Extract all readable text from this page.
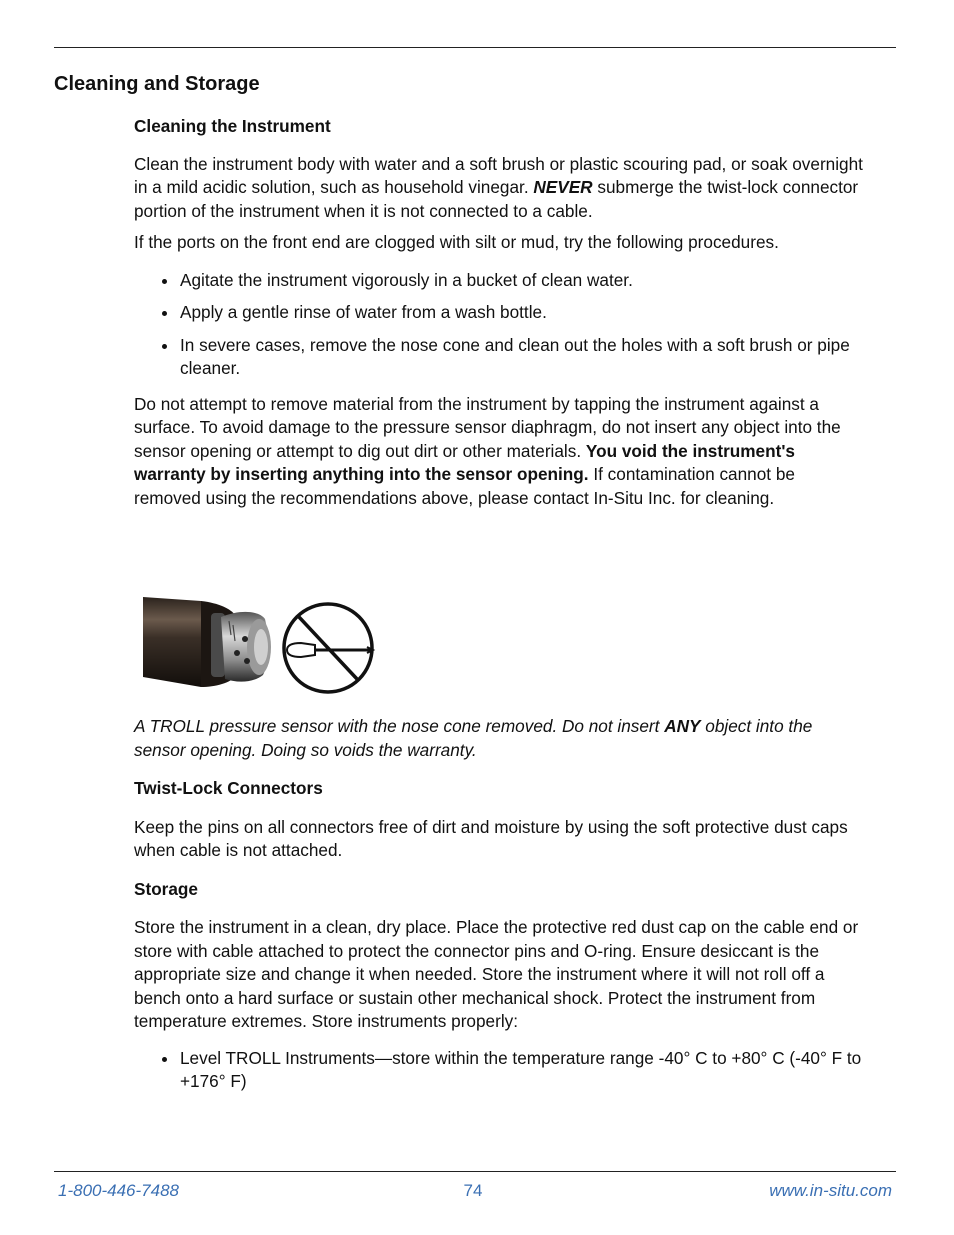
Cleaning and Storage
Cleaning the Instrument

Clean the instrument body with water and a soft brush or plastic scouring pad, or soak overnight in a mild acidic solution, such as household vinegar. NEVER submerge the twist-lock connector portion of the instrument when it is not connected to a cable.

If the ports on the front end are clogged with silt or mud, try the following procedures.

Agitate the instrument vigorously in a bucket of clean water.
Apply a gentle rinse of water from a wash bottle.
In severe cases, remove the nose cone and clean out the holes with a soft brush or pipe cleaner.

Do not attempt to remove material from the instrument by tapping the instrument against a surface. To avoid damage to the pressure sensor diaphragm, do not insert any object into the sensor opening or attempt to dig out dirt or other materials. You void the instrument's warranty by inserting anything into the sensor opening. If contamination cannot be removed using the recommendations above, please contact In-Situ Inc. for cleaning.

A TROLL pressure sensor with the nose cone removed. Do not insert ANY object into the sensor opening. Doing so voids the warranty.

Twist-Lock Connectors

Keep the pins on all connectors free of dirt and moisture by using the soft protective dust caps when cable is not attached.

Storage

Store the instrument in a clean, dry place. Place the protective red dust cap on the cable end or store with cable attached to protect the connector pins and O-ring. Ensure desiccant is the appropriate size and change it when needed. Store the instrument where it will not roll off a bench onto a hard surface or sustain other mechanical shock. Protect the instrument from temperature extremes. Store instruments properly:

Level TROLL Instruments—store within the temperature range -40° C to +80° C (-40° F to +176° F)
1-800-446-7488	74	www.in-situ.com
